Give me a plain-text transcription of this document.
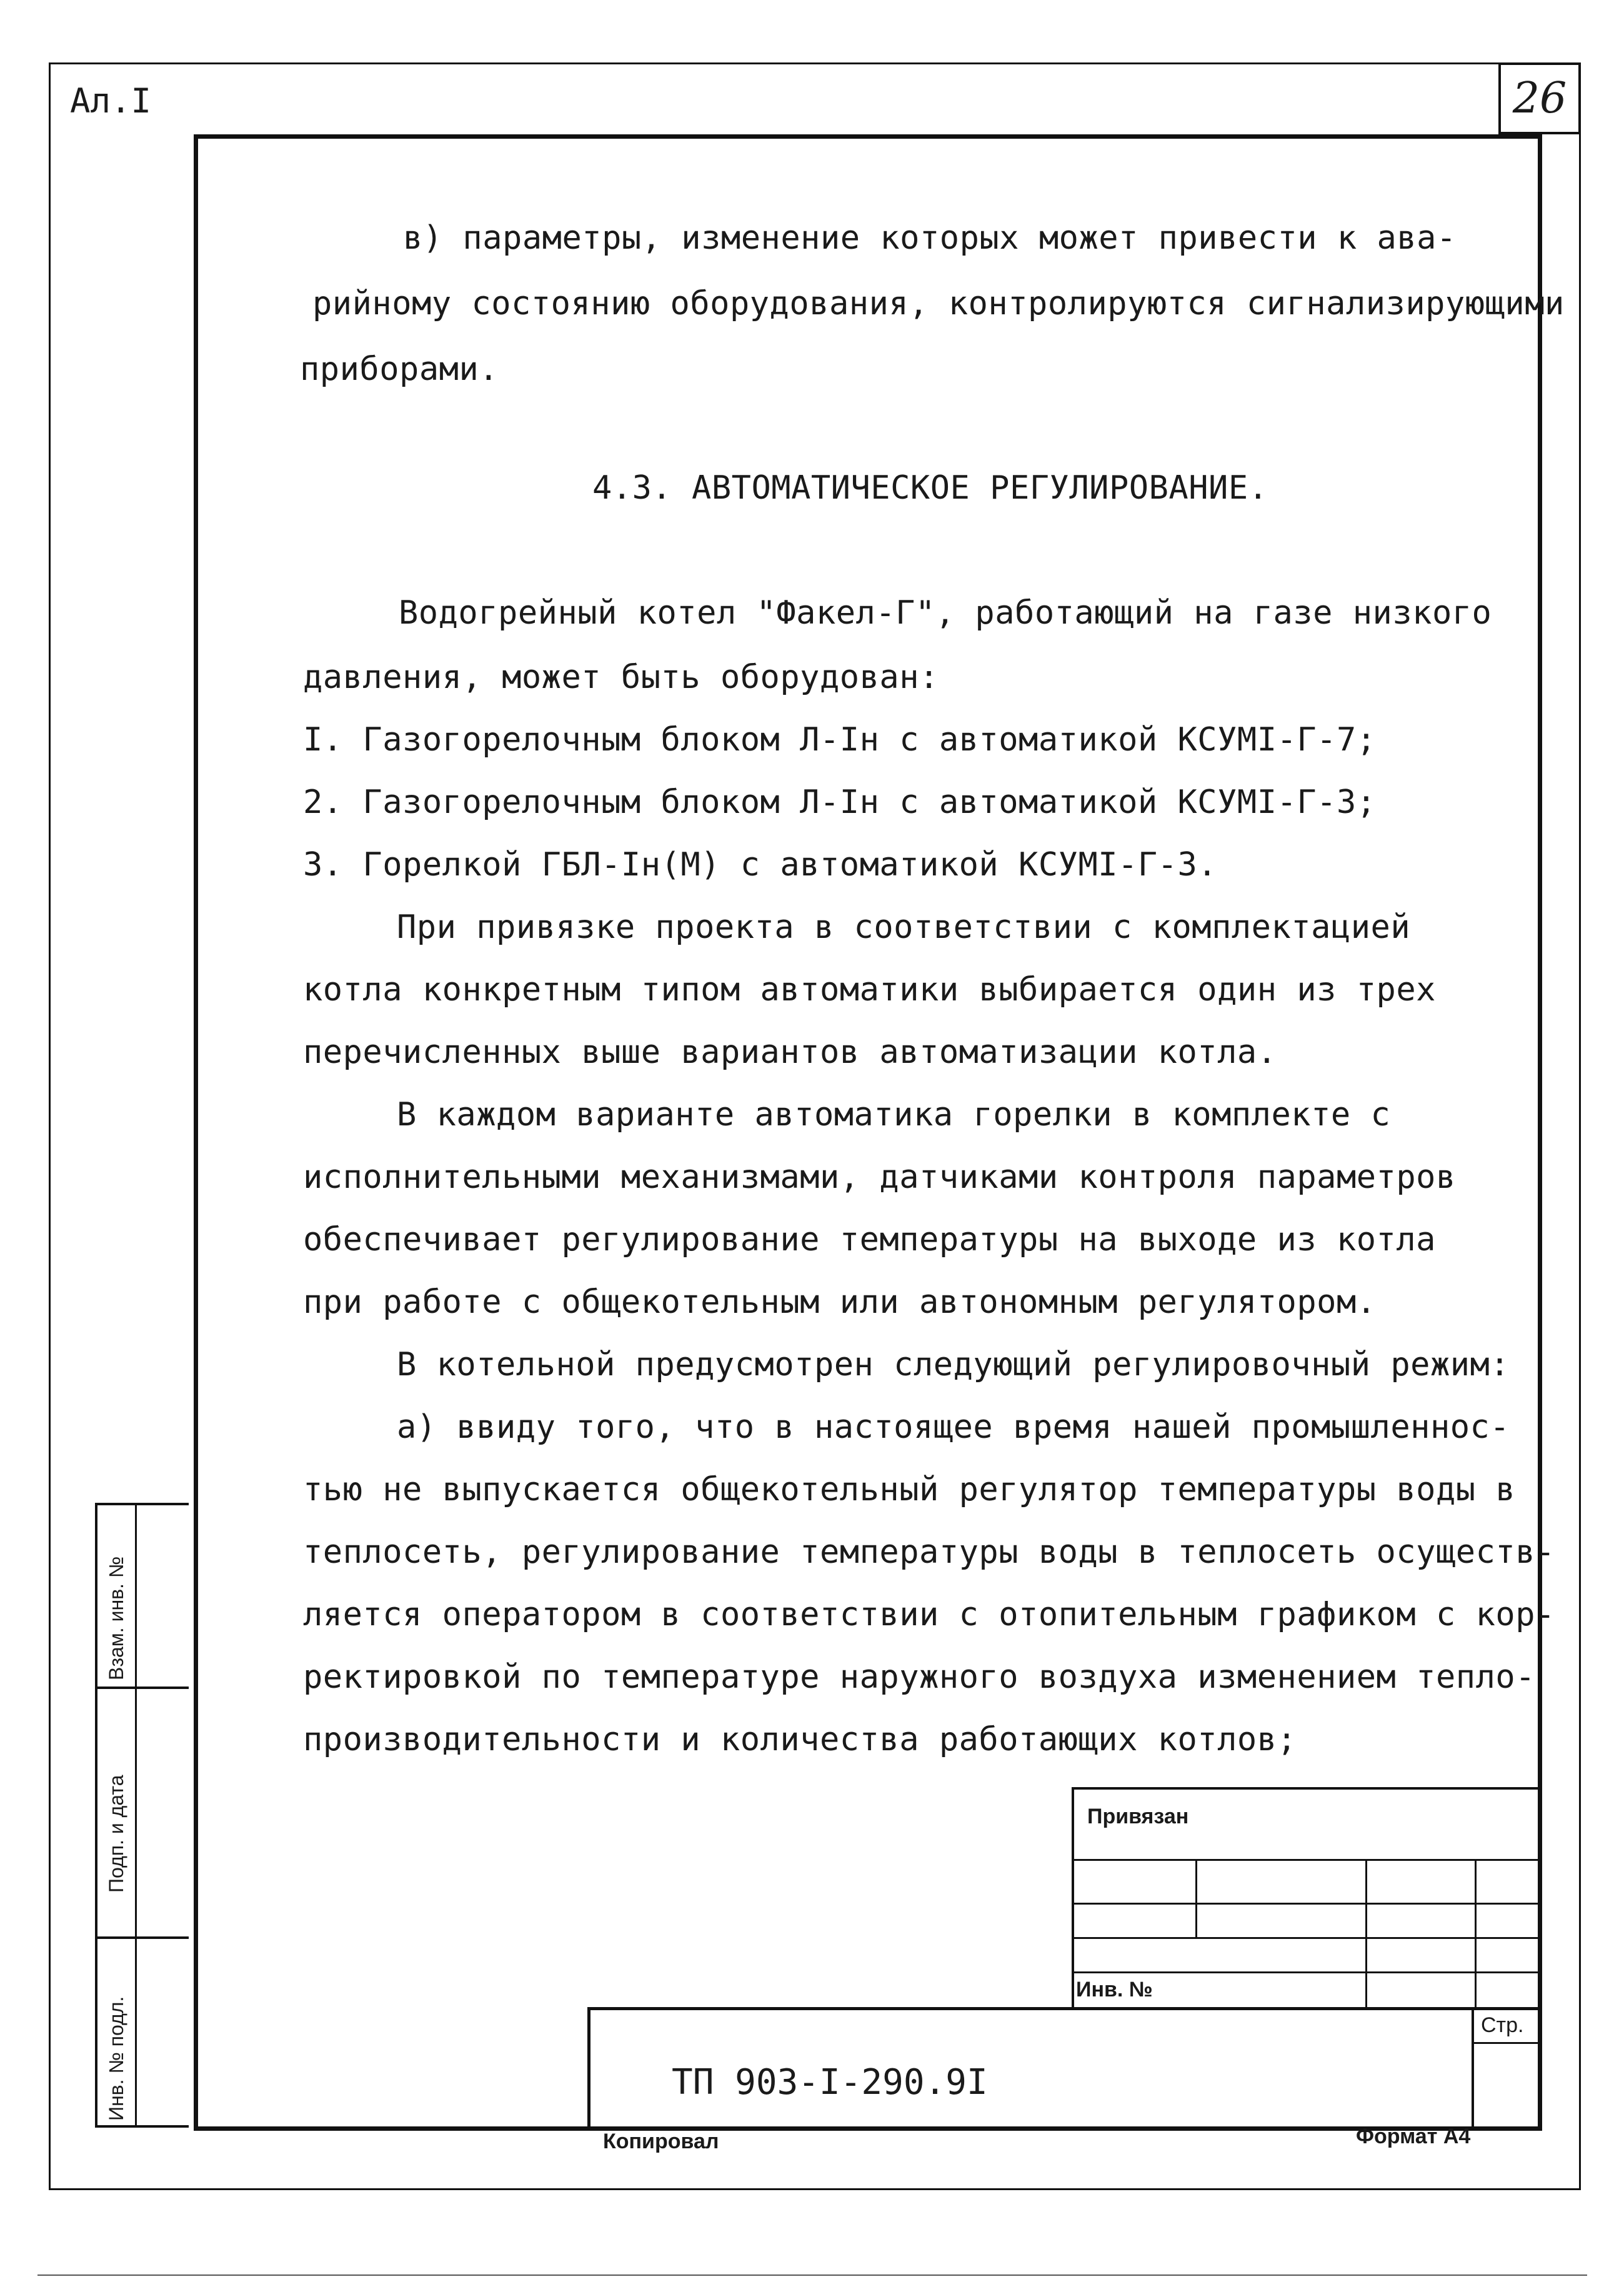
Ал.I	26
в) параметры, изменение которых может привести к ава-
рийному состоянию оборудования, контролируются сигнализирующими
приборами.
4.3. АВТОМАТИЧЕСКОЕ РЕГУЛИРОВАНИЕ.
Водогрейный котел "Факел-Г", работающий на газе низкого
давления, может быть оборудован:
I. Газогорелочным блоком Л-Iн с автоматикой КСУМI-Г-7;
2. Газогорелочным блоком Л-Iн с автоматикой КСУМI-Г-3;
3. Горелкой ГБЛ-Iн(М) с автоматикой КСУМI-Г-3.
При привязке проекта в соответствии с комплектацией
котла конкретным типом автоматики выбирается один из трех
перечисленных выше вариантов автоматизации котла.
В каждом варианте автоматика горелки в комплекте с
исполнительными механизмами, датчиками контроля параметров
обеспечивает регулирование температуры на выходе из котла
при работе с общекотельным или автономным регулятором.
В котельной предусмотрен следующий регулировочный режим:
а) ввиду того, что в настоящее время нашей промышленнос-
тью не выпускается общекотельный регулятор температуры воды в
теплосеть, регулирование температуры воды в теплосеть осуществ-
ляется оператором в соответствии с отопительным графиком с кор-
ректировкой по температуре наружного воздуха изменением тепло-
производительности и количества работающих котлов;
Взам. инв. №
Подп. и дата
Инв. № подл.
Привязан
Инв. №
Стр.
ТП 903-I-290.9I
Копировал	Формат А4
